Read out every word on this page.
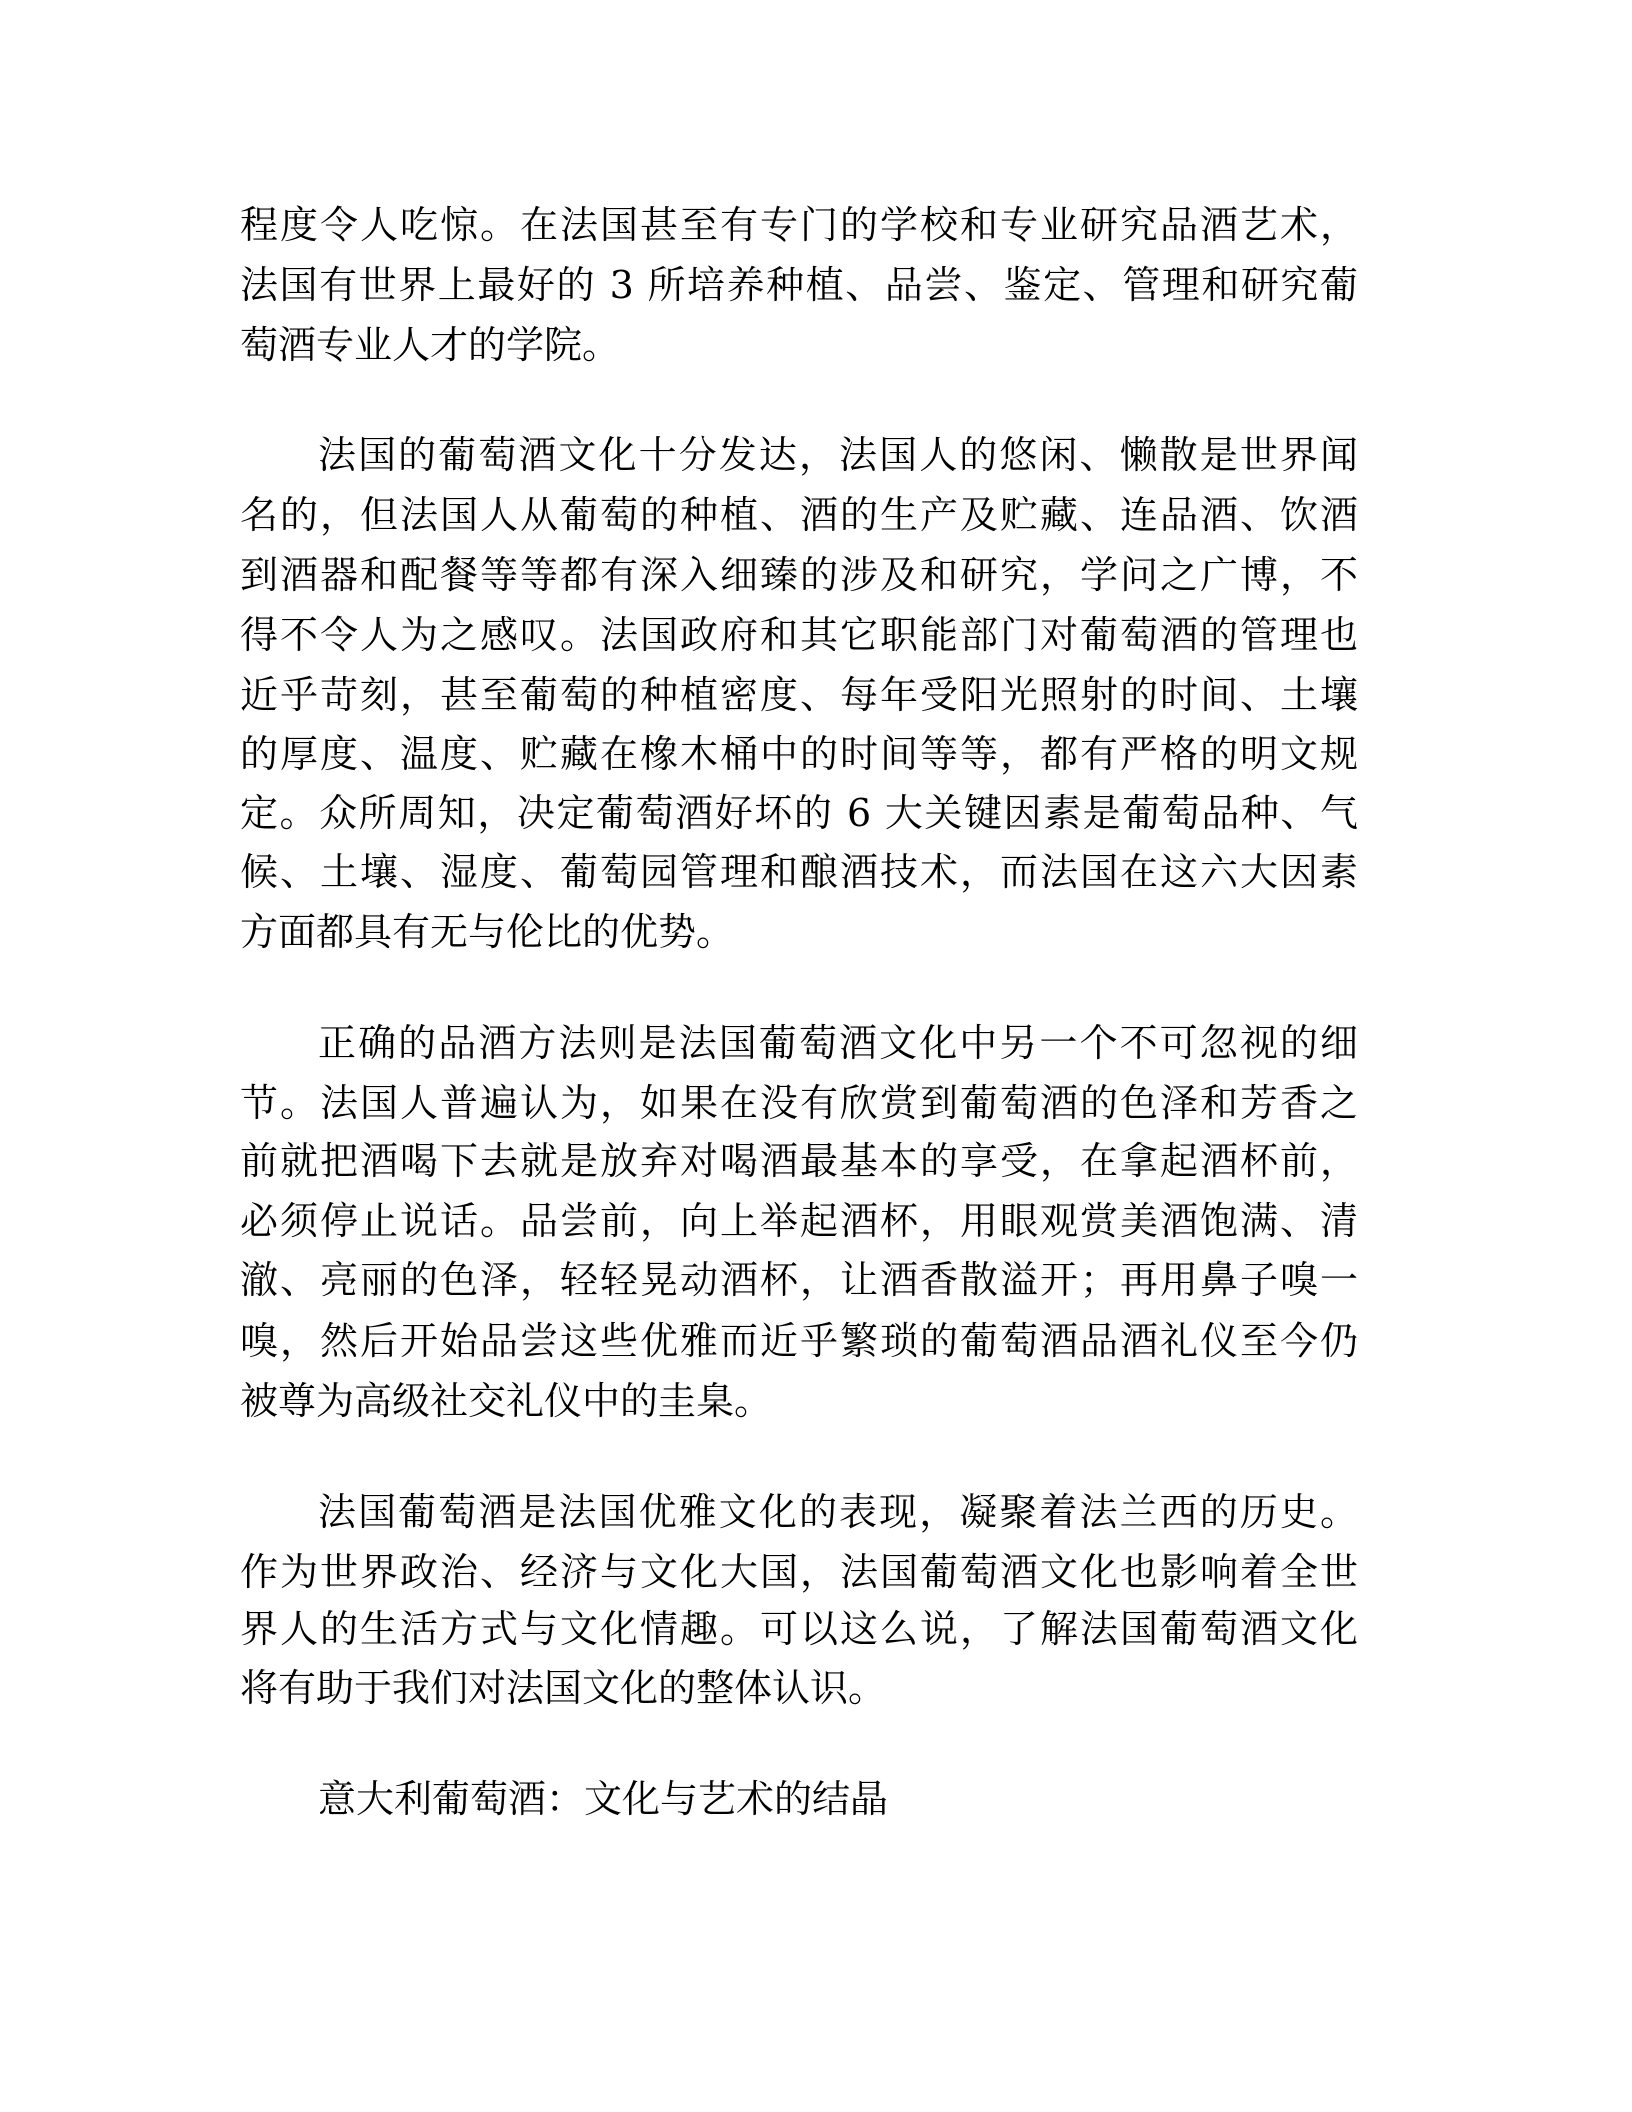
程度令人吃惊。在法国甚至有专门的学校和专业研究品酒艺术，
法国有世界上最好的 3 所培养种植、品尝、鉴定、管理和研究葡
萄酒专业人才的学院。
法国的葡萄酒文化十分发达，法国人的悠闲、懒散是世界闻
名的，但法国人从葡萄的种植、酒的生产及贮藏、连品酒、饮酒
到酒器和配餐等等都有深入细臻的涉及和研究，学问之广博，不
得不令人为之感叹。法国政府和其它职能部门对葡萄酒的管理也
近乎苛刻，甚至葡萄的种植密度、每年受阳光照射的时间、土壤
的厚度、温度、贮藏在橡木桶中的时间等等，都有严格的明文规
定。众所周知，决定葡萄酒好坏的 6 大关键因素是葡萄品种、气
候、土壤、湿度、葡萄园管理和酿酒技术，而法国在这六大因素
方面都具有无与伦比的优势。
正确的品酒方法则是法国葡萄酒文化中另一个不可忽视的细
节。法国人普遍认为，如果在没有欣赏到葡萄酒的色泽和芳香之
前就把酒喝下去就是放弃对喝酒最基本的享受，在拿起酒杯前，
必须停止说话。品尝前，向上举起酒杯，用眼观赏美酒饱满、清
澈、亮丽的色泽，轻轻晃动酒杯，让酒香散溢开；再用鼻子嗅一
嗅，然后开始品尝这些优雅而近乎繁琐的葡萄酒品酒礼仪至今仍
被尊为高级社交礼仪中的圭臬。
法国葡萄酒是法国优雅文化的表现，凝聚着法兰西的历史。
作为世界政治、经济与文化大国，法国葡萄酒文化也影响着全世
界人的生活方式与文化情趣。可以这么说，了解法国葡萄酒文化
将有助于我们对法国文化的整体认识。
意大利葡萄酒：文化与艺术的结晶
